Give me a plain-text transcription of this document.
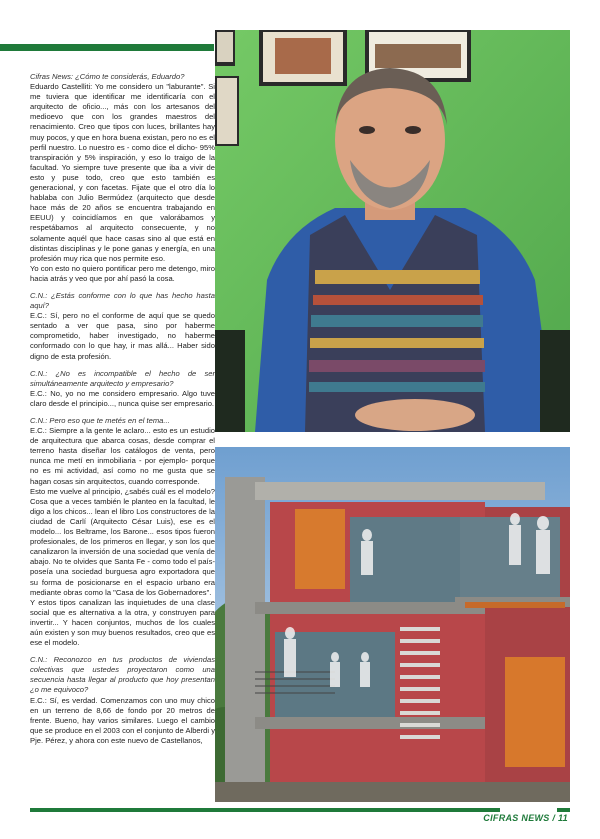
Cifras News: ¿Cómo te considerás, Eduardo?

Eduardo Castelliti: Yo me considero un "laburante". Si me tuviera que identificar me identificaría con el arquitecto de oficio..., más con los artesanos del medioevo que con los grandes maestros del renacimiento. Creo que tipos con luces, brillantes hay muy pocos, y que en hora buena existan, pero no es el perfil nuestro. Lo nuestro es - como dice el dicho- 95% transpiración y 5% inspiración, y eso lo traigo de la facultad. Yo siempre tuve presente que iba a vivir de esto y puse todo, creo que esto también es generacional, y con facetas. Fijate que el otro día lo hablaba con Julio Bermúdez (arquitecto que desde hace más de 20 años se encuentra trabajando en EEUU) y coincidíamos en que valorábamos y respetábamos al arquitecto consecuente, y no solamente aquél que hace casas sino al que está en distintas disciplinas y le pone ganas y energía, en una profesión muy rica que nos permite eso.

Yo con esto no quiero pontificar pero me detengo, miro hacia atrás y veo que por ahí pasó la cosa.

C.N.: ¿Estás conforme con lo que has hecho hasta aquí?

E.C.: Sí, pero no el conforme de aquí que se quedo sentado a ver que pasa, sino por haberme comprometido, haber investigado, no haberme conformado con lo que hay, ir mas allá... Haber sido digno de esta profesión.

C.N.: ¿No es incompatible el hecho de ser simultáneamente arquitecto y empresario?

E.C.: No, yo no me considero empresario. Algo tuve claro desde el principio..., nunca quise ser empresario.

C.N.: Pero eso que te metés en el tema...

E.C.: Siempre a la gente le aclaro... esto es un estudio de arquitectura que abarca cosas, desde comprar el terreno hasta diseñar los catálogos de venta, pero nunca me metí en inmobiliaria - por ejemplo- porque no es mi actividad, así como no me gusta que se hagan cosas sin arquitectos, cuando corresponde.

Esto me vuelve al principio, ¿sabés cuál es el modelo? Cosa que a veces también le planteo en la facultad, le digo a los chicos... lean el libro Los constructores de la ciudad de Carlí (Arquitecto César Luis), ese es el modelo... los Beltrame, los Barone... esos tipos fueron profesionales, de los primeros en llegar, y son los que canalizaron la inversión de una sociedad que venía de abajo. No te olvides que Santa Fe - como todo el país- poseía una sociedad burguesa agro exportadora que su forma de posicionarse en el espacio urbano era mediante obras como la "Casa de los Gobernadores".

Y estos tipos canalizan las inquietudes de una clase social que es alternativa a la otra, y construyen para invertir... Y hacen conjuntos, muchos de los cuales aún existen y son muy buenos resultados, creo que es ese el modelo.

C.N.: Reconozco en tus productos de viviendas colectivas que ustedes proyectaron como una secuencia hasta llegar al producto que hoy presentan ¿o me equivoco?

E.C.: Sí, es verdad. Comenzamos con uno muy chico en un terreno de 8,66 de fondo por 20 metros de frente. Bueno, hay varios similares. Luego el cambio que se produce en el 2003 con el conjunto de Alberdi y Pje. Pérez, y ahora con este nuevo de Castellanos,

CIFRAS NEWS / 11
